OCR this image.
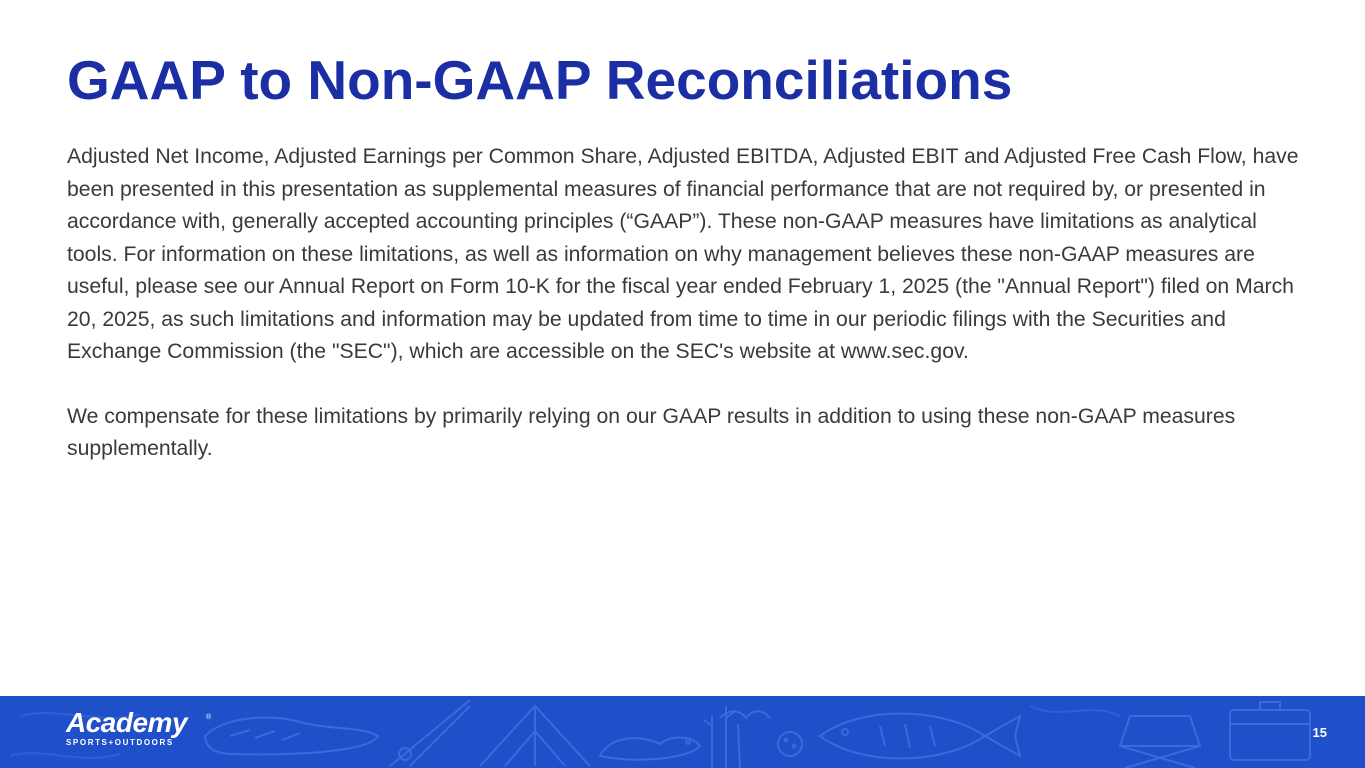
GAAP to Non-GAAP Reconciliations

Adjusted Net Income, Adjusted Earnings per Common Share, Adjusted EBITDA, Adjusted EBIT and Adjusted Free Cash Flow, have been presented in this presentation as supplemental measures of financial performance that are not required by, or presented in accordance with, generally accepted accounting principles (“GAAP”). These non-GAAP measures have limitations as analytical tools. For information on these limitations, as well as information on why management believes these non-GAAP measures are useful, please see our Annual Report on Form 10-K for the fiscal year ended February 1, 2025 (the "Annual Report") filed on March 20, 2025, as such limitations and information may be updated from time to time in our periodic filings with the Securities and Exchange Commission (the "SEC"), which are accessible on the SEC's website at www.sec.gov.

We compensate for these limitations by primarily relying on our GAAP results in addition to using these non-GAAP measures supplementally.

Academy	®
SPORTS+OUTDOORS
15
